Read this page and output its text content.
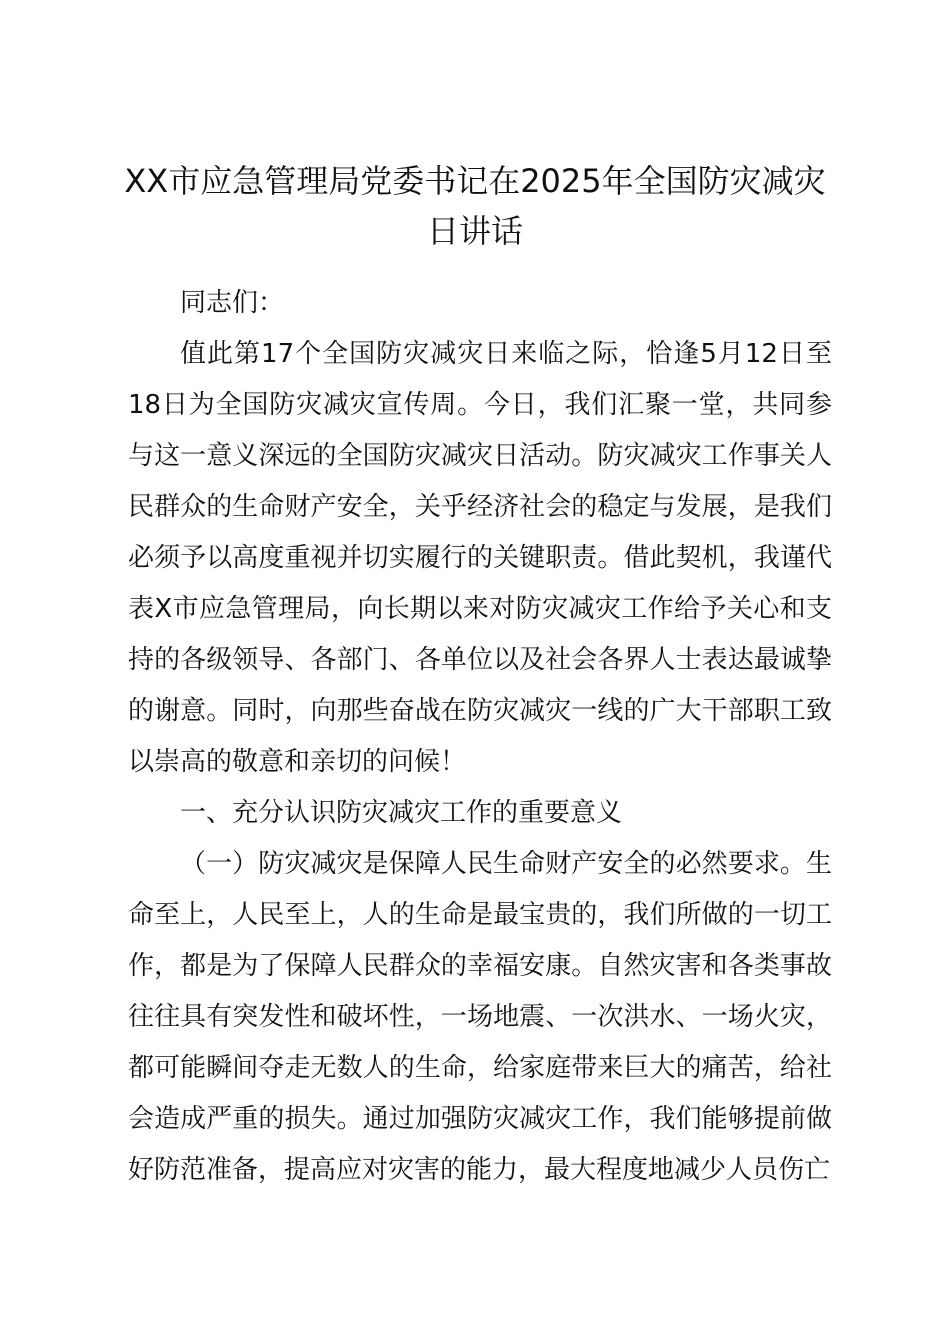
XX市应急管理局党委书记在2025年全国防灾减灾日讲话

同志们：

值此第17个全国防灾减灾日来临之际，恰逢5月12日至18日为全国防灾减灾宣传周。今日，我们汇聚一堂，共同参与这一意义深远的全国防灾减灾日活动。防灾减灾工作事关人民群众的生命财产安全，关乎经济社会的稳定与发展，是我们必须予以高度重视并切实履行的关键职责。借此契机，我谨代表X市应急管理局，向长期以来对防灾减灾工作给予关心和支持的各级领导、各部门、各单位以及社会各界人士表达最诚挚的谢意。同时，向那些奋战在防灾减灾一线的广大干部职工致以崇高的敬意和亲切的问候！

一、充分认识防灾减灾工作的重要意义

（一）防灾减灾是保障人民生命财产安全的必然要求。生命至上，人民至上，人的生命是最宝贵的，我们所做的一切工作，都是为了保障人民群众的幸福安康。自然灾害和各类事故往往具有突发性和破坏性，一场地震、一次洪水、一场火灾，都可能瞬间夺走无数人的生命，给家庭带来巨大的痛苦，给社会造成严重的损失。通过加强防灾减灾工作，我们能够提前做好防范准备，提高应对灾害的能力，最大程度地减少人员伤亡
